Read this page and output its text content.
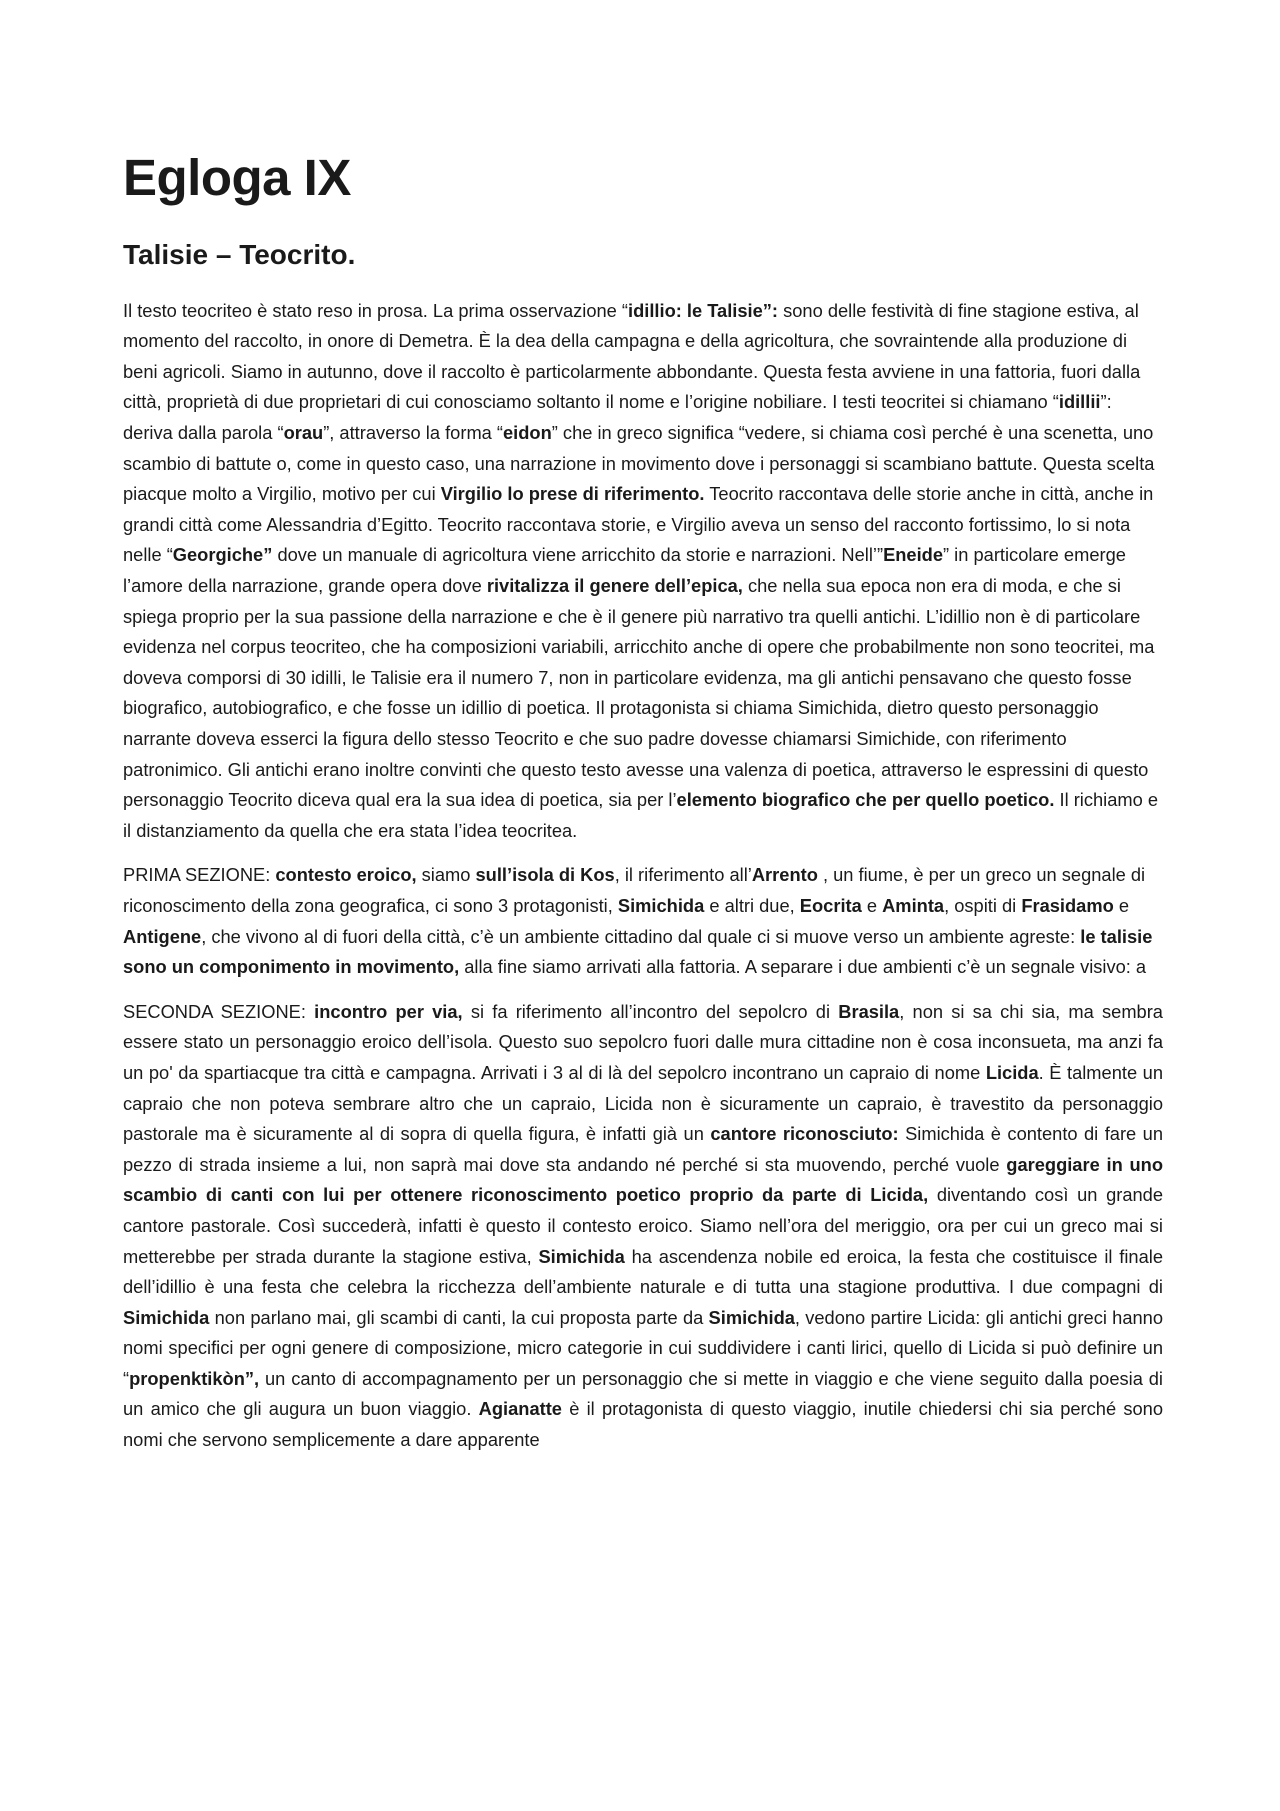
Egloga IX
Talisie – Teocrito.

Il testo teocriteo è stato reso in prosa. La prima osservazione “idillio: le Talisie”: sono delle festività di fine stagione estiva, al momento del raccolto, in onore di Demetra. È la dea della campagna e della agricoltura, che sovraintende alla produzione di beni agricoli. Siamo in autunno, dove il raccolto è particolarmente abbondante. Questa festa avviene in una fattoria, fuori dalla città, proprietà di due proprietari di cui conosciamo soltanto il nome e l’origine nobiliare. I testi teocritei si chiamano “idillii”: deriva dalla parola “orau”, attraverso la forma “eidon” che in greco significa “vedere, si chiama così perché è una scenetta, uno scambio di battute o, come in questo caso, una narrazione in movimento dove i personaggi si scambiano battute. Questa scelta piacque molto a Virgilio, motivo per cui Virgilio lo prese di riferimento. Teocrito raccontava delle storie anche in città, anche in grandi città come Alessandria d’Egitto. Teocrito raccontava storie, e Virgilio aveva un senso del racconto fortissimo, lo si nota nelle “Georgiche” dove un manuale di agricoltura viene arricchito da storie e narrazioni. Nell’”Eneide” in particolare emerge l’amore della narrazione, grande opera dove rivitalizza il genere dell’epica, che nella sua epoca non era di moda, e che si spiega proprio per la sua passione della narrazione e che è il genere più narrativo tra quelli antichi. L’idillio non è di particolare evidenza nel corpus teocriteo, che ha composizioni variabili, arricchito anche di opere che probabilmente non sono teocritei, ma doveva comporsi di 30 idilli, le Talisie era il numero 7, non in particolare evidenza, ma gli antichi pensavano che questo fosse biografico, autobiografico, e che fosse un idillio di poetica. Il protagonista si chiama Simichida, dietro questo personaggio narrante doveva esserci la figura dello stesso Teocrito e che suo padre dovesse chiamarsi Simichide, con riferimento patronimico. Gli antichi erano inoltre convinti che questo testo avesse una valenza di poetica, attraverso le espressini di questo personaggio Teocrito diceva qual era la sua idea di poetica, sia per l’elemento biografico che per quello poetico. Il richiamo e il distanziamento da quella che era stata l’idea teocritea.

PRIMA SEZIONE: contesto eroico, siamo sull’isola di Kos, il riferimento all’Arrento , un fiume, è per un greco un segnale di riconoscimento della zona geografica, ci sono 3 protagonisti, Simichida e altri due, Eocrita e Aminta, ospiti di Frasidamo e Antigene, che vivono al di fuori della città, c’è un ambiente cittadino dal quale ci si muove verso un ambiente agreste: le talisie sono un componimento in movimento, alla fine siamo arrivati alla fattoria. A separare i due ambienti c’è un segnale visivo: a

SECONDA SEZIONE: incontro per via, si fa riferimento all’incontro del sepolcro di Brasila, non si sa chi sia, ma sembra essere stato un personaggio eroico dell’isola. Questo suo sepolcro fuori dalle mura cittadine non è cosa inconsueta, ma anzi fa un po' da spartiacque tra città e campagna. Arrivati i 3 al di là del sepolcro incontrano un capraio di nome Licida. È talmente un capraio che non poteva sembrare altro che un capraio, Licida non è sicuramente un capraio, è travestito da personaggio pastorale ma è sicuramente al di sopra di quella figura, è infatti già un cantore riconosciuto: Simichida è contento di fare un pezzo di strada insieme a lui, non saprà mai dove sta andando né perché si sta muovendo, perché vuole gareggiare in uno scambio di canti con lui per ottenere riconoscimento poetico proprio da parte di Licida, diventando così un grande cantore pastorale. Così succederà, infatti è questo il contesto eroico. Siamo nell’ora del meriggio, ora per cui un greco mai si metterebbe per strada durante la stagione estiva, Simichida ha ascendenza nobile ed eroica, la festa che costituisce il finale dell’idillio è una festa che celebra la ricchezza dell’ambiente naturale e di tutta una stagione produttiva. I due compagni di Simichida non parlano mai, gli scambi di canti, la cui proposta parte da Simichida, vedono partire Licida: gli antichi greci hanno nomi specifici per ogni genere di composizione, micro categorie in cui suddividere i canti lirici, quello di Licida si può definire un “propenktikòn”, un canto di accompagnamento per un personaggio che si mette in viaggio e che viene seguito dalla poesia di un amico che gli augura un buon viaggio. Agianatte è il protagonista di questo viaggio, inutile chiedersi chi sia perché sono nomi che servono semplicemente a dare apparente
